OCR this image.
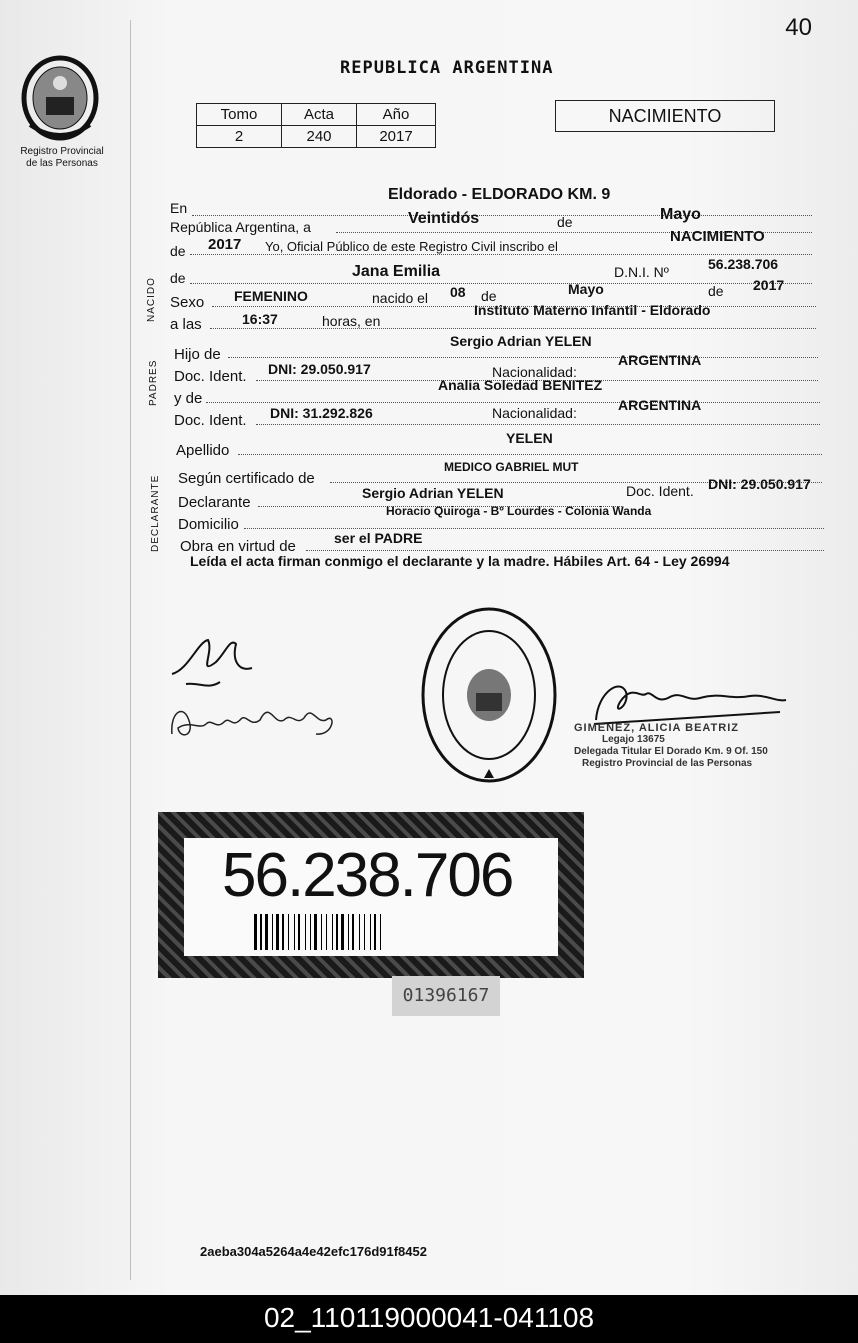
40
Registro Provincial
de las Personas
REPUBLICA ARGENTINA
Tomo	Acta	Año
2	240	2017
NACIMIENTO
En
Eldorado - ELDORADO KM. 9
República Argentina, a	Veintidós	de	Mayo
de 2017 Yo, Oficial Público de este Registro Civil inscribo el
NACIMIENTO
NACIDO de	Jana Emilia	D.N.I. Nº	56.238.706
Sexo FEMENINO	nacido el 08 de	Mayo	de 2017
a las	16:37	horas, en
Instituto Materno Infantil - Eldorado
PADRES
Hijo de
Sergio Adrian YELEN
Doc. Ident. DNI: 29.050.917	Nacionalidad:
ARGENTINA
y de
Analia Soledad BENITEZ
Doc. Ident. DNI: 31.292.826	Nacionalidad:	ARGENTINA
Apellido
YELEN
DECLARANTE Según certificado de
MEDICO GABRIEL MUT
Declarante
Sergio Adrian YELEN	Doc. Ident. DNI: 29.050.917
Domicilio
Horacio Quiroga - Bº Lourdes - Colonia Wanda
Obra en virtud de	ser el PADRE
Leída el acta firman conmigo el declarante y la madre. Hábiles Art. 64 - Ley 26994
GIMENEZ, ALICIA BEATRIZ
Legajo 13675
Delegada Titular El Dorado Km. 9 Of. 150
Registro Provincial de las Personas
56.238.706
01396167
2aeba304a5264a4e42efc176d91f8452
02_110119000041-041108
